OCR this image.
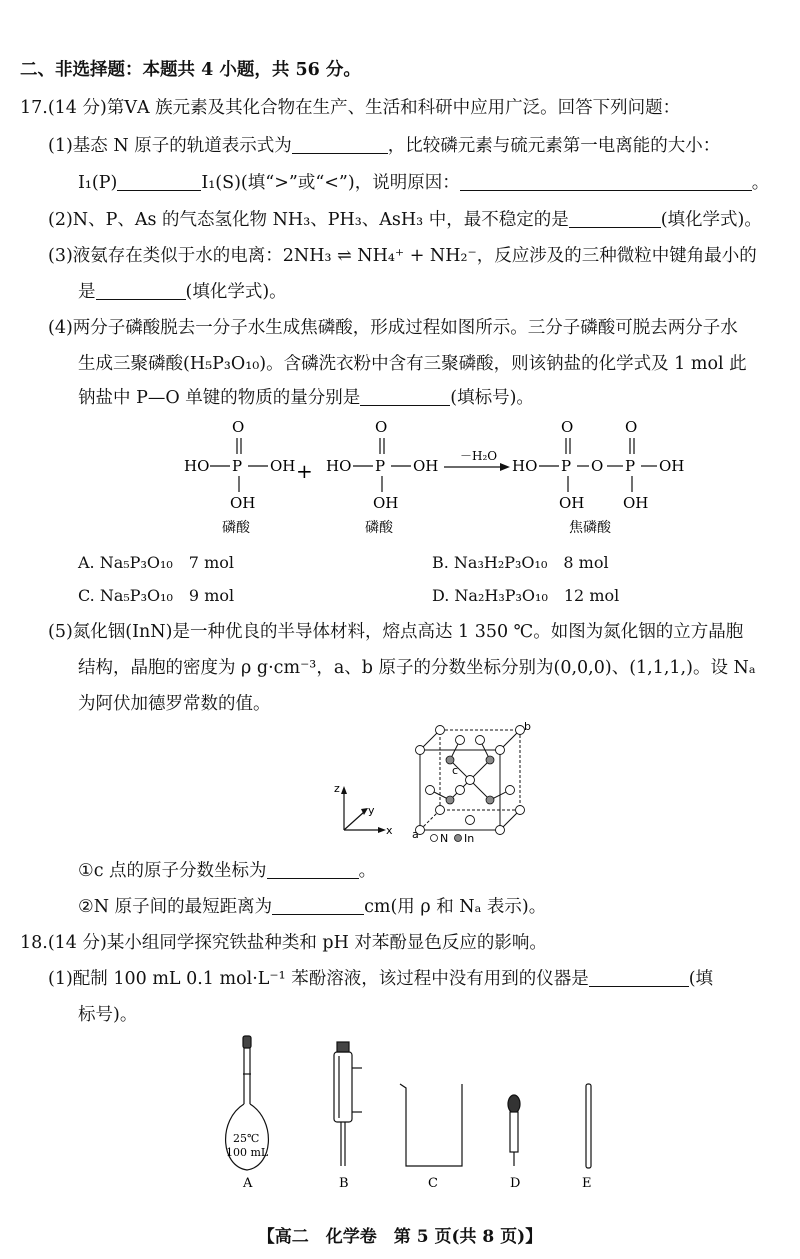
二、非选择题：本题共 4 小题，共 56 分。
17.(14 分)第ⅤA 族元素及其化合物在生产、生活和科研中应用广泛。回答下列问题：
(1)基态 N 原子的轨道表示式为	，比较磷元素与硫元素第一电离能的大小：
I₁(P)	I₁(S)(填“>”或“<”)，说明原因：	。
(2)N、P、As 的气态氢化物 NH₃、PH₃、AsH₃ 中，最不稳定的是	(填化学式)。
(3)液氨存在类似于水的电离：2NH₃ ⇌ NH₄⁺ + NH₂⁻，反应涉及的三种微粒中键角最小的
是	(填化学式)。
(4)两分子磷酸脱去一分子水生成焦磷酸，形成过程如图所示。三分子磷酸可脱去两分子水
生成三聚磷酸(H₅P₃O₁₀)。含磷洗衣粉中含有三聚磷酸，则该钠盐的化学式及 1 mol 此
钠盐中 P—O 单键的物质的量分别是	(填标号)。
O
HO P OH
OH
磷酸
+
O
HO P OH
OH
磷酸
－H₂O
O	O
HO P O P OH
OH	OH
焦磷酸
A. Na₅P₃O₁₀　7 mol	B. Na₃H₂P₃O₁₀　8 mol
C. Na₅P₃O₁₀　9 mol	D. Na₂H₃P₃O₁₀　12 mol
(5)氮化铟(InN)是一种优良的半导体材料，熔点高达 1 350 ℃。如图为氮化铟的立方晶胞
结构，晶胞的密度为 ρ g·cm⁻³，a、b 原子的分数坐标分别为(0,0,0)、(1,1,1,)。设 Nₐ
为阿伏加德罗常数的值。
z
y
x a
b
c
N In
①c 点的原子分数坐标为	。
②N 原子间的最短距离为	cm(用 ρ 和 Nₐ 表示)。
18.(14 分)某小组同学探究铁盐种类和 pH 对苯酚显色反应的影响。
(1)配制 100 mL 0.1 mol·L⁻¹ 苯酚溶液，该过程中没有用到的仪器是	(填
标号)。
25℃
100 mL
A	B	C	D	E
【高二　化学卷　第 5 页(共 8 页)】
